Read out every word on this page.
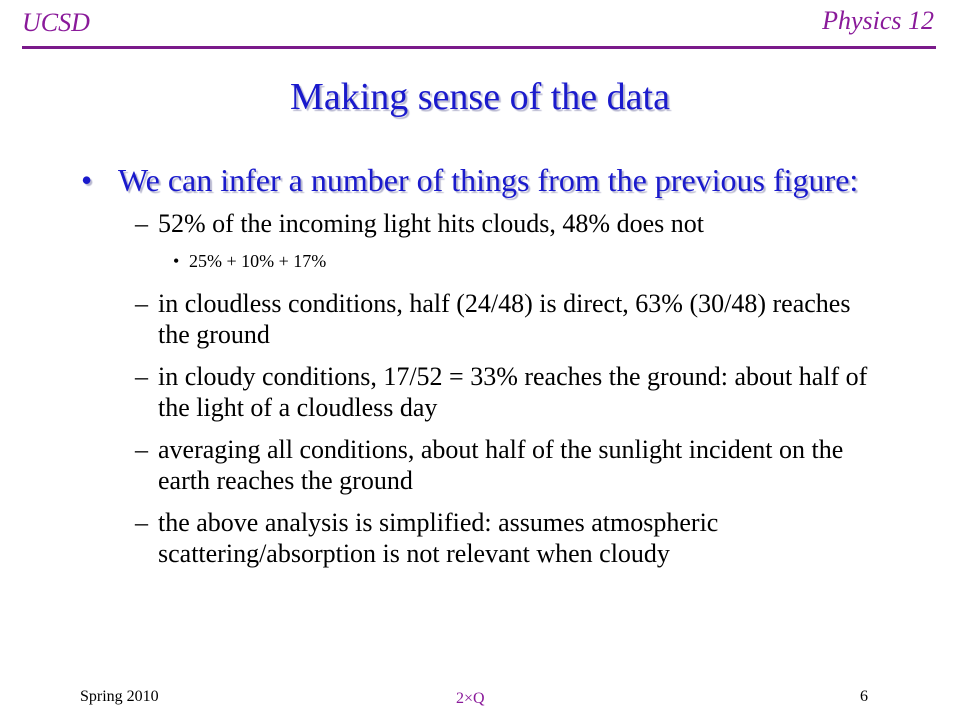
UCSD	Physics 12
Making sense of the data
• We can infer a number of things from the previous figure:
– 52% of the incoming light hits clouds, 48% does not
• 25% + 10% + 17%
– in cloudless conditions, half (24/48) is direct, 63% (30/48) reaches the ground
– in cloudy conditions, 17/52 = 33% reaches the ground: about half of the light of a cloudless day
– averaging all conditions, about half of the sunlight incident on the earth reaches the ground
– the above analysis is simplified: assumes atmospheric scattering/absorption is not relevant when cloudy
Spring 2010	2×Q	6
